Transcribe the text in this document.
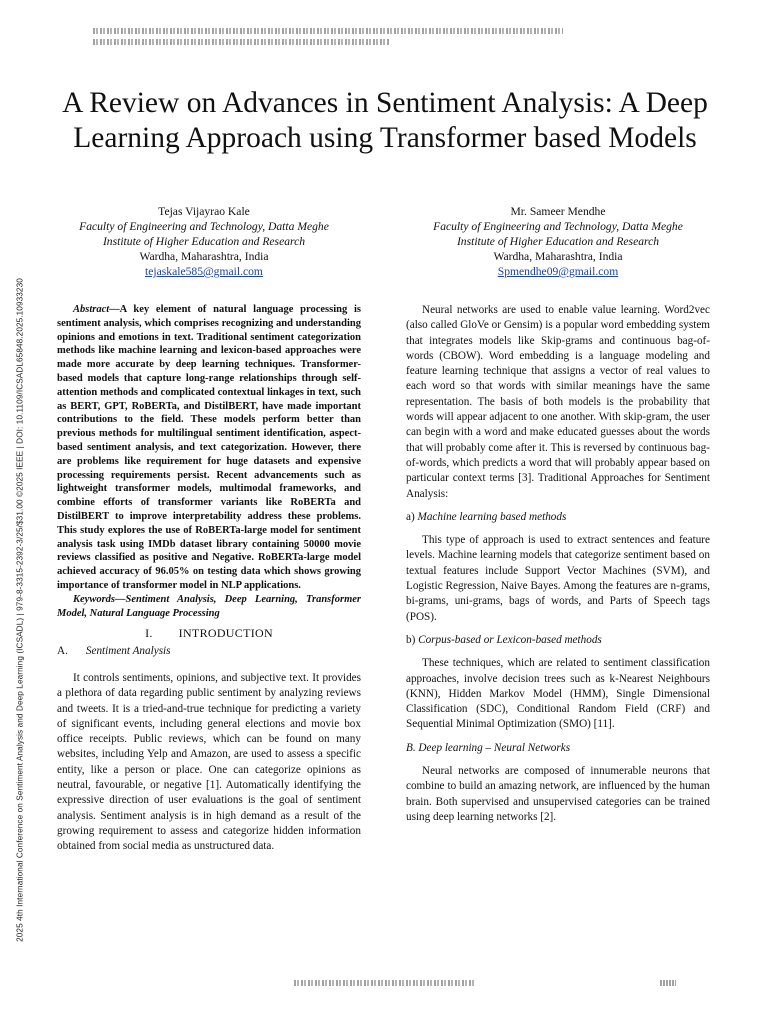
2025 4th International Conference on Sentiment Analysis and Deep Learning (ICSADL) | 979-8-3315-2392-3/25/$31.00 ©2025 IEEE | DOI: 10.1109/ICSADL65848.2025.10933230
A Review on Advances in Sentiment Analysis: A Deep Learning Approach using Transformer based Models
Tejas Vijayrao Kale
Faculty of Engineering and Technology, Datta Meghe
Institute of Higher Education and Research
Wardha, Maharashtra, India
tejaskale585@gmail.com
Mr. Sameer Mendhe
Faculty of Engineering and Technology, Datta Meghe
Institute of Higher Education and Research
Wardha, Maharashtra, India
Spmendhe09@gmail.com

Abstract—A key element of natural language processing is sentiment analysis, which comprises recognizing and understanding opinions and emotions in text. Traditional sentiment categorization methods like machine learning and lexicon-based approaches were made more accurate by deep learning techniques. Transformer-based models that capture long-range relationships through self-attention methods and complicated contextual linkages in text, such as BERT, GPT, RoBERTa, and DistilBERT, have made important contributions to the field. These models perform better than previous methods for multilingual sentiment identification, aspect-based sentiment analysis, and text categorization. However, there are problems like requirement for huge datasets and expensive processing requirements persist. Recent advancements such as lightweight transformer models, multimodal frameworks, and combine efforts of transformer variants like RoBERTa and DistilBERT to improve interpretability address these problems. This study explores the use of RoBERTa-large model for sentiment analysis task using IMDb dataset library containing 50000 movie reviews classified as positive and Negative. RoBERTa-large model achieved accuracy of 96.05% on testing data which shows growing importance of transformer model in NLP applications.

Keywords—Sentiment Analysis, Deep Learning, Transformer Model, Natural Language Processing

I. INTRODUCTION
A. Sentiment Analysis

It controls sentiments, opinions, and subjective text. It provides a plethora of data regarding public sentiment by analyzing reviews and tweets. It is a tried-and-true technique for predicting a variety of significant events, including general elections and movie box office receipts. Public reviews, which can be found on many websites, including Yelp and Amazon, are used to assess a specific entity, like a person or place. One can categorize opinions as neutral, favourable, or negative [1]. Automatically identifying the expressive direction of user evaluations is the goal of sentiment analysis. Sentiment analysis is in high demand as a result of the growing requirement to assess and categorize hidden information obtained from social media as unstructured data.

Neural networks are used to enable value learning. Word2vec (also called GloVe or Gensim) is a popular word embedding system that integrates models like Skip-grams and continuous bag-of-words (CBOW). Word embedding is a language modeling and feature learning technique that assigns a vector of real values to each word so that words with similar meanings have the same representation. The basis of both models is the probability that words will appear adjacent to one another. With skip-gram, the user can begin with a word and make educated guesses about the words that will probably come after it. This is reversed by continuous bag-of-words, which predicts a word that will probably appear based on particular context terms [3]. Traditional Approaches for Sentiment Analysis:

a) Machine learning based methods

This type of approach is used to extract sentences and feature levels. Machine learning models that categorize sentiment based on textual features include Support Vector Machines (SVM), and Logistic Regression, Naive Bayes. Among the features are n-grams, bi-grams, uni-grams, bags of words, and Parts of Speech tags (POS).

b) Corpus-based or Lexicon-based methods

These techniques, which are related to sentiment classification approaches, involve decision trees such as k-Nearest Neighbours (KNN), Hidden Markov Model (HMM), Single Dimensional Classification (SDC), Conditional Random Field (CRF) and Sequential Minimal Optimization (SMO) [11].

B. Deep learning – Neural Networks

Neural networks are composed of innumerable neurons that combine to build an amazing network, are influenced by the human brain. Both supervised and unsupervised categories can be trained using deep learning networks [2].
